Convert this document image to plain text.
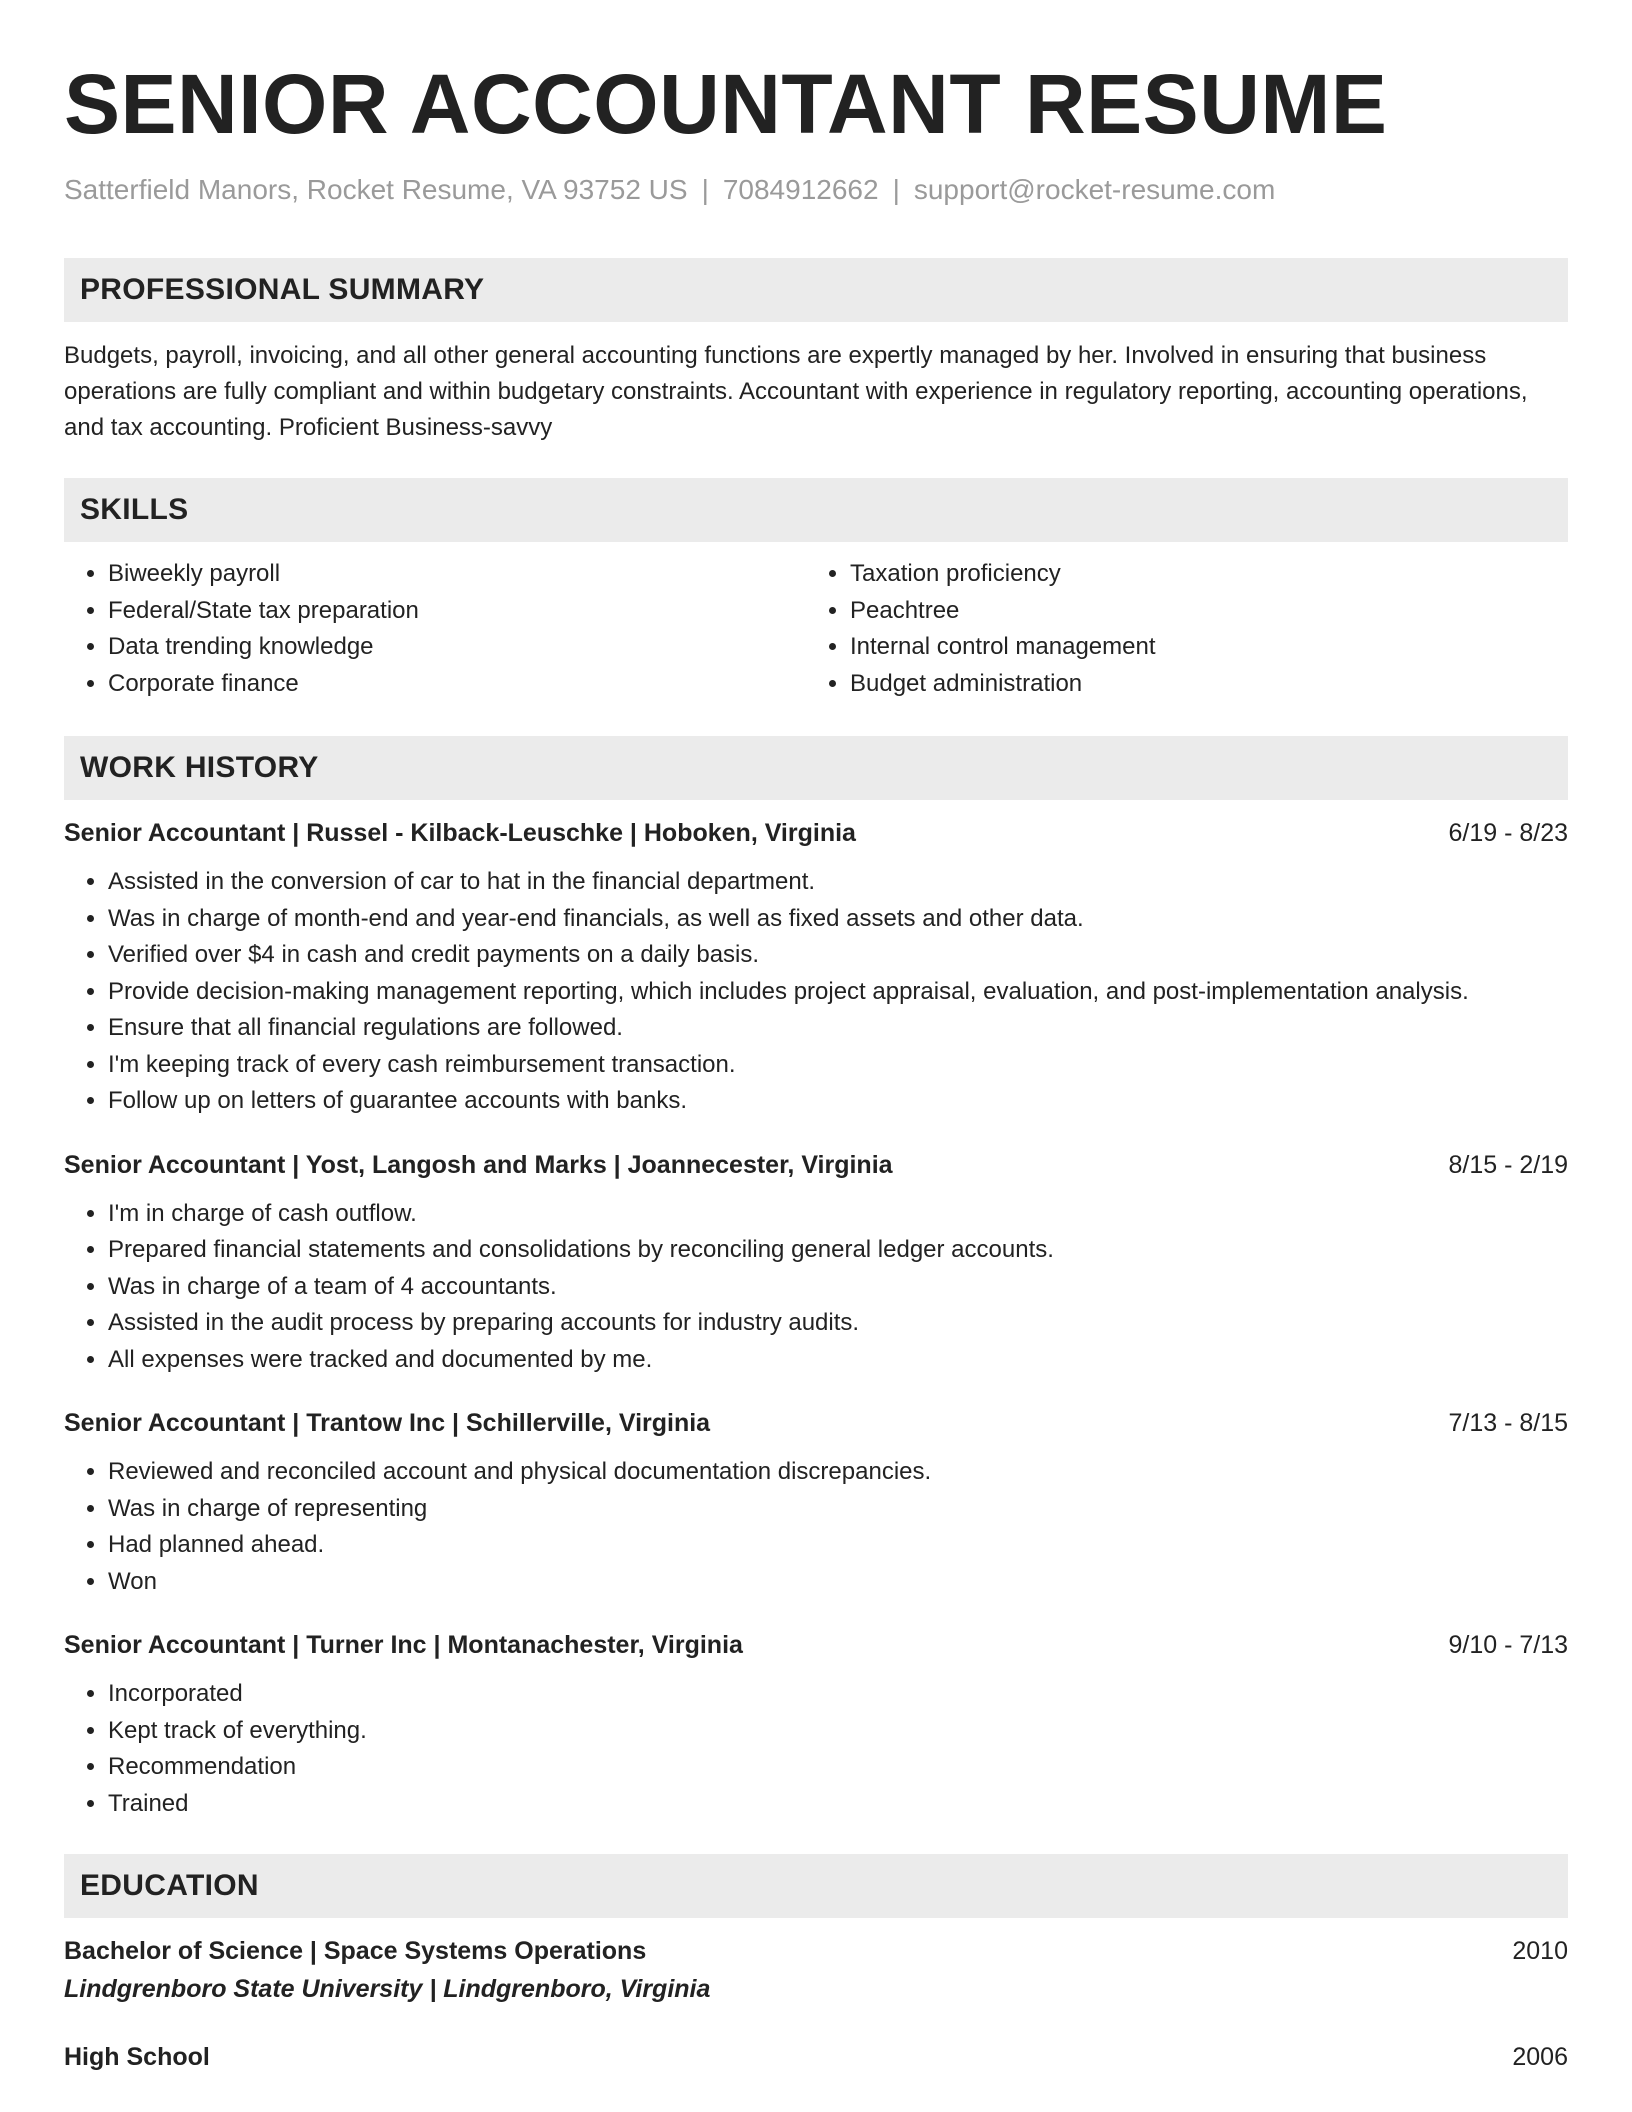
SENIOR ACCOUNTANT RESUME
Satterfield Manors, Rocket Resume, VA 93752 US | 7084912662 | support@rocket-resume.com
PROFESSIONAL SUMMARY
Budgets, payroll, invoicing, and all other general accounting functions are expertly managed by her. Involved in ensuring that business operations are fully compliant and within budgetary constraints. Accountant with experience in regulatory reporting, accounting operations, and tax accounting. Proficient Business-savvy
SKILLS
• Biweekly payroll
• Federal/State tax preparation
• Data trending knowledge
• Corporate finance
• Taxation proficiency
• Peachtree
• Internal control management
• Budget administration
WORK HISTORY
Senior Accountant | Russel - Kilback-Leuschke | Hoboken, Virginia	6/19 - 8/23
• Assisted in the conversion of car to hat in the financial department.
• Was in charge of month-end and year-end financials, as well as fixed assets and other data.
• Verified over $4 in cash and credit payments on a daily basis.
• Provide decision-making management reporting, which includes project appraisal, evaluation, and post-implementation analysis.
• Ensure that all financial regulations are followed.
• I'm keeping track of every cash reimbursement transaction.
• Follow up on letters of guarantee accounts with banks.
Senior Accountant | Yost, Langosh and Marks | Joannecester, Virginia	8/15 - 2/19
• I'm in charge of cash outflow.
• Prepared financial statements and consolidations by reconciling general ledger accounts.
• Was in charge of a team of 4 accountants.
• Assisted in the audit process by preparing accounts for industry audits.
• All expenses were tracked and documented by me.
Senior Accountant | Trantow Inc | Schillerville, Virginia	7/13 - 8/15
• Reviewed and reconciled account and physical documentation discrepancies.
• Was in charge of representing
• Had planned ahead.
• Won
Senior Accountant | Turner Inc | Montanachester, Virginia	9/10 - 7/13
• Incorporated
• Kept track of everything.
• Recommendation
• Trained
EDUCATION
Bachelor of Science | Space Systems Operations	2010
Lindgrenboro State University | Lindgrenboro, Virginia
High School	2006
